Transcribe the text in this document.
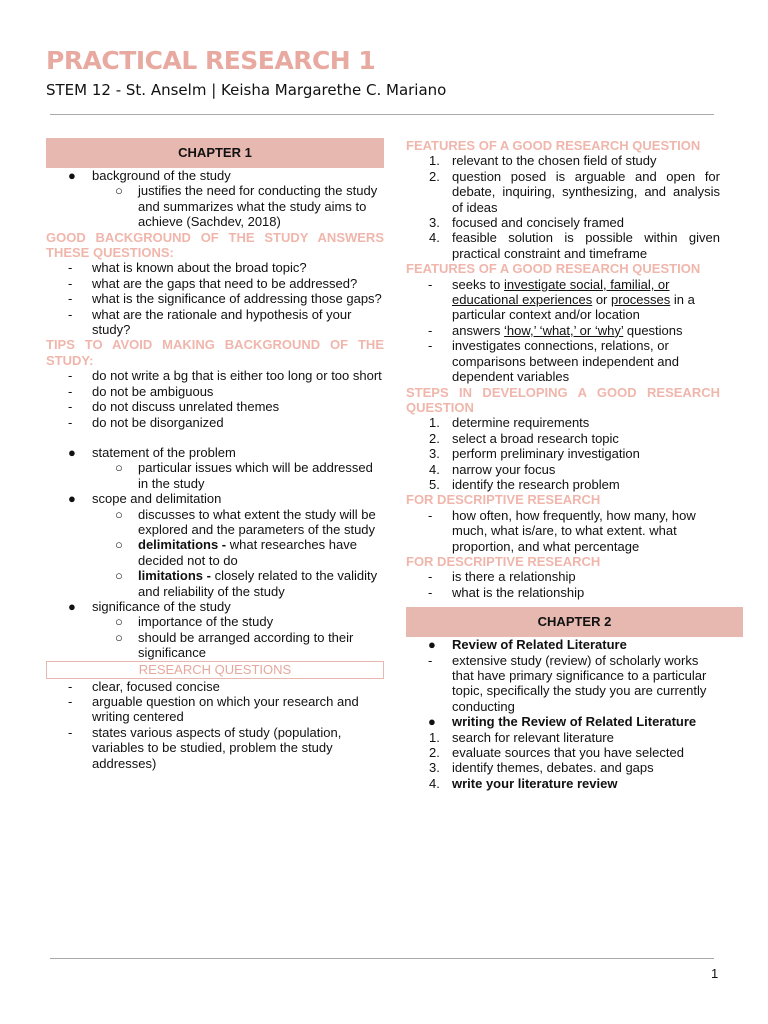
PRACTICAL RESEARCH 1
STEM 12 - St. Anselm | Keisha Margarethe C. Mariano
CHAPTER 1
● background of the study
○ justifies the need for conducting the study and summarizes what the study aims to achieve (Sachdev, 2018)
GOOD BACKGROUND OF THE STUDY ANSWERS THESE QUESTIONS:
- what is known about the broad topic?
- what are the gaps that need to be addressed?
- what is the significance of addressing those gaps?
- what are the rationale and hypothesis of your study?
TIPS TO AVOID MAKING BACKGROUND OF THE STUDY:
- do not write a bg that is either too long or too short
- do not be ambiguous
- do not discuss unrelated themes
- do not be disorganized
● statement of the problem
○ particular issues which will be addressed in the study
● scope and delimitation
○ discusses to what extent the study will be explored and the parameters of the study
○ delimitations - what researches have decided not to do
○ limitations - closely related to the validity and reliability of the study
● significance of the study
○ importance of the study
○ should be arranged according to their significance
RESEARCH QUESTIONS
- clear, focused concise
- arguable question on which your research and writing centered
- states various aspects of study (population, variables to be studied, problem the study addresses)
FEATURES OF A GOOD RESEARCH QUESTION
1. relevant to the chosen field of study
2. question posed is arguable and open for debate, inquiring, synthesizing, and analysis of ideas
3. focused and concisely framed
4. feasible solution is possible within given practical constraint and timeframe
FEATURES OF A GOOD RESEARCH QUESTION
- seeks to investigate social, familial, or educational experiences or processes in a particular context and/or location
- answers ‘how,’ ‘what,’ or ‘why’ questions
- investigates connections, relations, or comparisons between independent and dependent variables
STEPS IN DEVELOPING A GOOD RESEARCH QUESTION
1. determine requirements
2. select a broad research topic
3. perform preliminary investigation
4. narrow your focus
5. identify the research problem
FOR DESCRIPTIVE RESEARCH
- how often, how frequently, how many, how much, what is/are, to what extent. what proportion, and what percentage
FOR DESCRIPTIVE RESEARCH
- is there a relationship
- what is the relationship
CHAPTER 2
● Review of Related Literature
- extensive study (review) of scholarly works that have primary significance to a particular topic, specifically the study you are currently conducting
● writing the Review of Related Literature
1. search for relevant literature
2. evaluate sources that you have selected
3. identify themes, debates. and gaps
4. write your literature review
1
